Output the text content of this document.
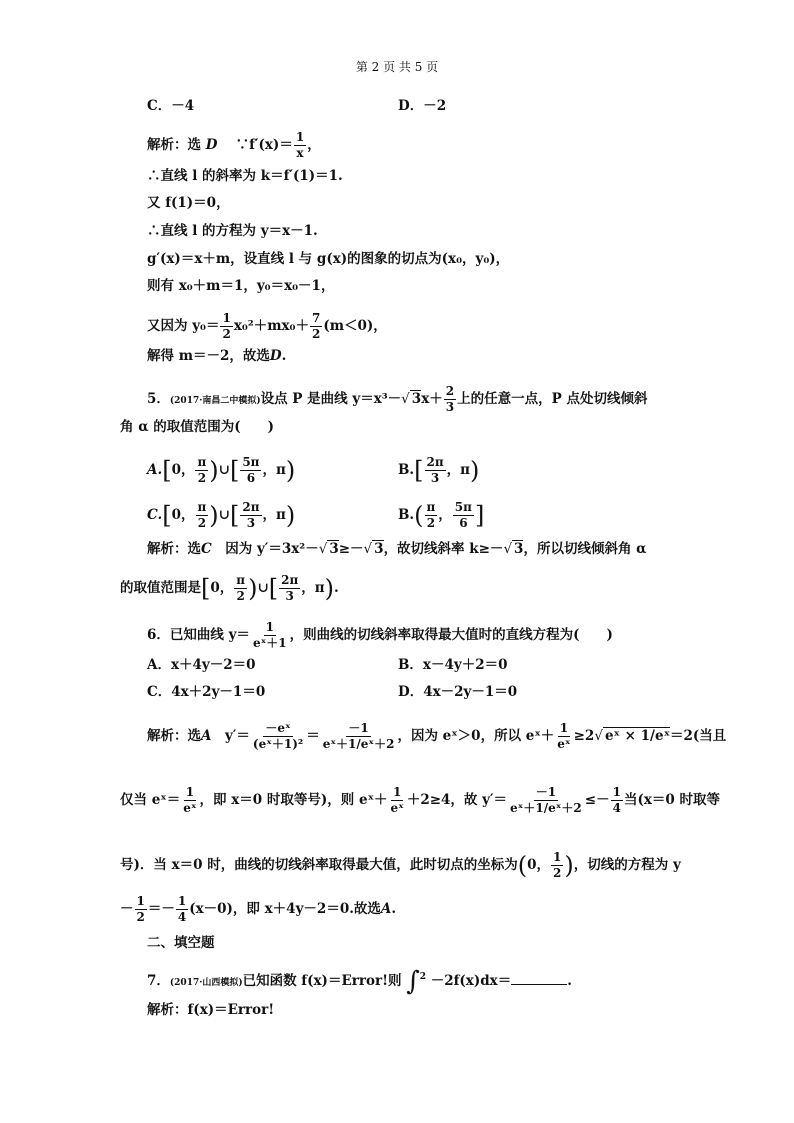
第 2 页 共 5 页
C．－4	D．－2
解析：选 D　 ∵f′(x)＝ $\frac{1}{x}$ ，
∴直线 l 的斜率为 k＝f′(1)＝1.
又 f(1)＝0，
∴直线 l 的方程为 y＝x－1.
g′(x)＝x＋m，设直线 l 与 g(x)的图象的切点为(x₀，y₀)，
则有 x₀＋m＝1，y₀＝x₀－1，
又因为 $y_0= \frac{1}{2} x_0^2+mx_0+ \frac{7}{2} (m<0)$，
解得 m＝－2，故选D.
5．(2017·南昌二中模拟)设点 P 是曲线 y＝x³－√ $3x+ \frac{2}{3}$ 上的任意一点，P 点处切线倾斜
角 α 的取值范围为(　　)
A.[0， $\frac{\pi}{2}$ )∪[ $\frac{5\pi}{6}$ ，π)	$B.[ \frac{2\pi}{3}$ ，π)
C.[0， $\frac{\pi}{2}$ )∪[ $\frac{2\pi}{3}$ ，π)	$B.( \frac{\pi}{2}$ ， $\frac{5\pi}{6}$ ]
解析：选C　因为 y′＝3x²－√ 3≥－√ 3，故切线斜率 k≥－√ 3，所以切线倾斜角 α
的取值范围是[0， $\frac{\pi}{2}$ )∪[ $\frac{2\pi}{3}$ ，π).
6．已知曲线 $y= \frac{1}{\text{eˣ＋1}}$ ，则曲线的切线斜率取得最大值时的直线方程为(　　)
A．x＋4y－2＝0	B．x－4y＋2＝0
C．4x＋2y－1＝0	D．4x－2y－1＝0
解析：选A　 $y'= \frac{\text{－eˣ}}{\text{(eˣ＋1)²}} = \frac{-1}{\text{eˣ＋1/eˣ＋2}}$ ，因为 eˣ＞0，所以 eˣ＋ $\frac{1}{\text{eˣ}} \ge 2√$ eˣ × 1/eˣ＝2(当且
仅当 eˣ＝ $\frac{1}{\text{eˣ}}$ ，即 x＝0 时取等号)，则 eˣ＋ $\frac{1}{\text{eˣ}} +2\ge 4$，故 $y'= \frac{-1}{\text{eˣ＋1/eˣ＋2}} \le- \frac{1}{4}$ 当(x＝0 时取等
号)．当 x＝0 时，曲线的切线斜率取得最大值，此时切点的坐标为(0， $\frac{1}{2}$ )，切线的方程为 y
－ $\frac{1}{2} =- \frac{1}{4} (x-0)$，即 x＋4y－2＝0.故选A.
二、填空题
7．(2017·山西模拟)已知函数 f(x)＝Error!则 ∫$^2$ －2f(x)dx＝	.
解析：f(x)＝Error!
